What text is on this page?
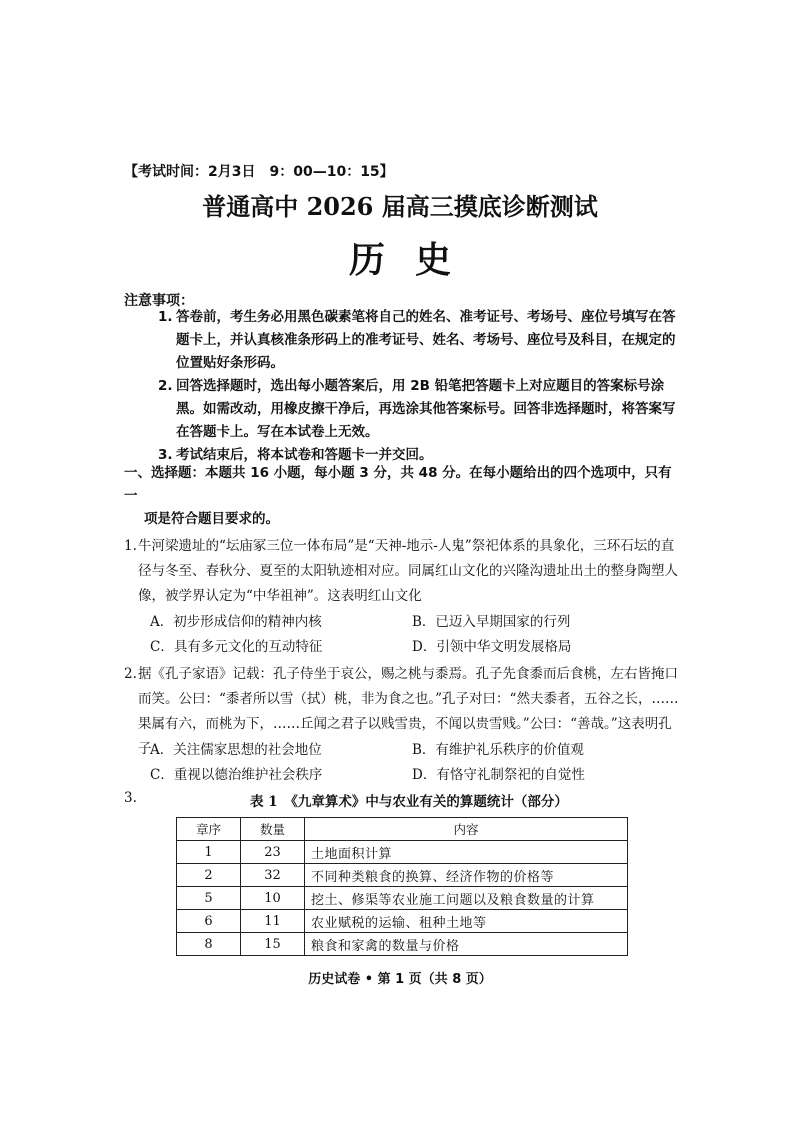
【考试时间：2月3日　9：00—10：15】
普通高中 2026 届高三摸底诊断测试
历史
注意事项：
1. 答卷前，考生务必用黑色碳素笔将自己的姓名、准考证号、考场号、座位号填写在答题卡上，并认真核准条形码上的准考证号、姓名、考场号、座位号及科目，在规定的位置贴好条形码。
2. 回答选择题时，选出每小题答案后，用 2B 铅笔把答题卡上对应题目的答案标号涂黑。如需改动，用橡皮擦干净后，再选涂其他答案标号。回答非选择题时，将答案写在答题卡上。写在本试卷上无效。
3. 考试结束后，将本试卷和答题卡一并交回。
一、选择题：本题共 16 小题，每小题 3 分，共 48 分。在每小题给出的四个选项中，只有一
项是符合题目要求的。
1. 牛河梁遗址的“坛庙冢三位一体布局”是“天神-地示-人鬼”祭祀体系的具象化，三环石坛的直径与冬至、春秋分、夏至的太阳轨迹相对应。同属红山文化的兴隆沟遗址出土的整身陶塑人像，被学界认定为“中华祖神”。这表明红山文化
A．初步形成信仰的精神内核	B．已迈入早期国家的行列
C．具有多元文化的互动特征	D．引领中华文明发展格局
2. 据《孔子家语》记载：孔子侍坐于哀公，赐之桃与黍焉。孔子先食黍而后食桃，左右皆掩口而笑。公曰：“黍者所以雪（拭）桃，非为食之也。”孔子对曰：“然夫黍者，五谷之长，……果属有六，而桃为下，……丘闻之君子以贱雪贵，不闻以贵雪贱。”公曰：“善哉。”这表明孔子
A．关注儒家思想的社会地位	B．有维护礼乐秩序的价值观
C．重视以德治维护社会秩序	D．有恪守礼制祭祀的自觉性
3.	表 1　《九章算术》中与农业有关的算题统计（部分）
章序	数量	内容
1	23	土地面积计算
2	32	不同种类粮食的换算、经济作物的价格等
5	10	挖土、修渠等农业施工问题以及粮食数量的计算
6	11	农业赋税的运输、租种土地等
8	15	粮食和家禽的数量与价格
历史试卷 • 第 1 页（共 8 页）
